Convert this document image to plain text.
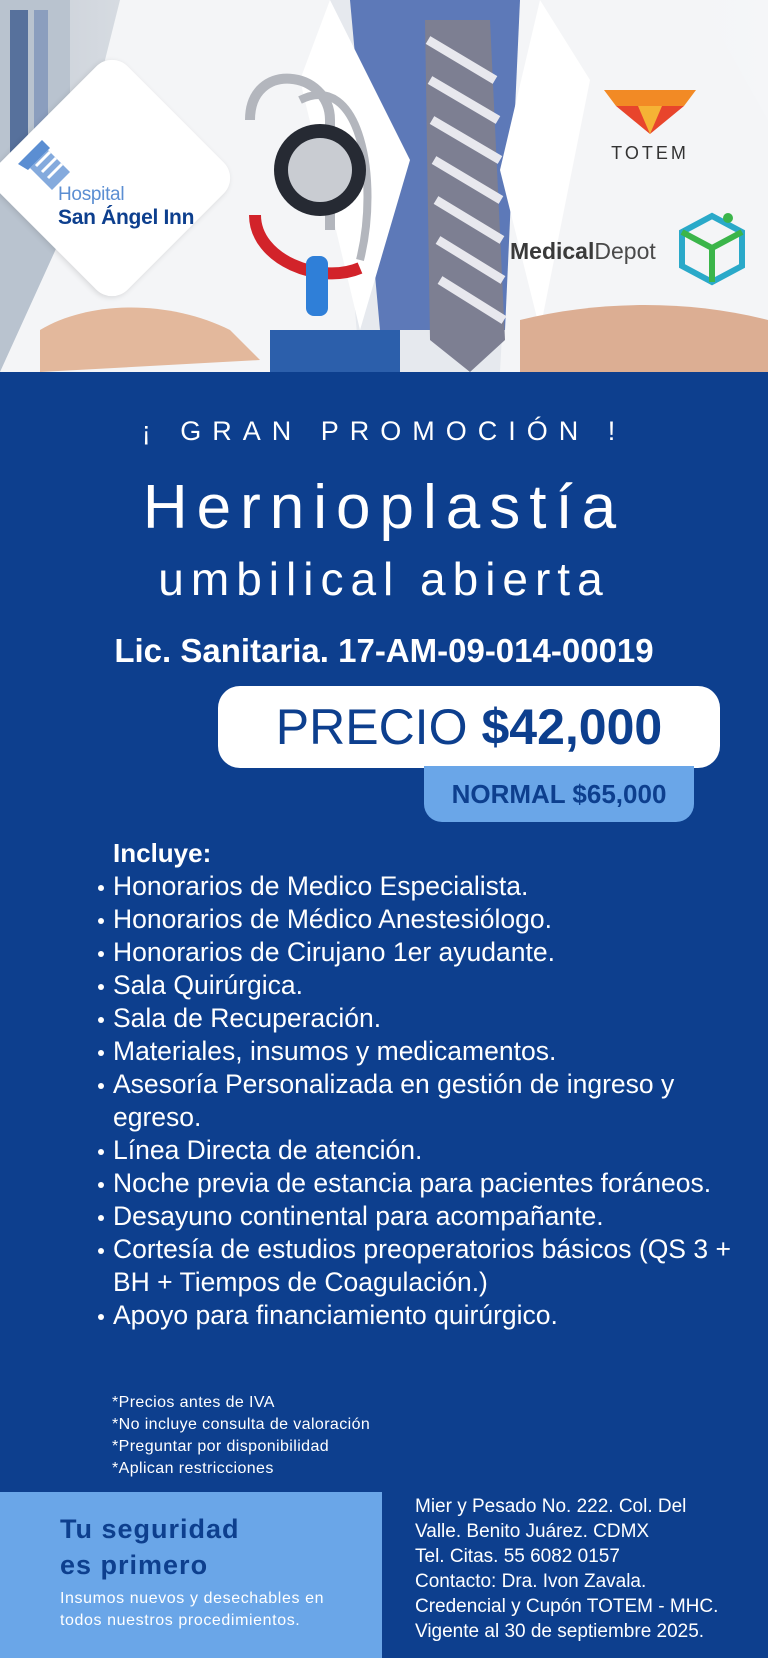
Hospital
San Ángel Inn
TOTEM
MedicalDepot
¡ GRAN PROMOCIÓN !
Hernioplastía
umbilical abierta
Lic. Sanitaria. 17-AM-09-014-00019
PRECIO $42,000
NORMAL $65,000
Incluye:
Honorarios de Medico Especialista.
Honorarios de Médico Anestesiólogo.
Honorarios de Cirujano 1er ayudante.
Sala Quirúrgica.
Sala de Recuperación.
Materiales, insumos y medicamentos.
Asesoría Personalizada en gestión de ingreso y egreso.
Línea Directa de atención.
Noche previa de estancia para pacientes foráneos.
Desayuno continental para acompañante.
Cortesía de estudios preoperatorios básicos (QS 3 + BH + Tiempos de Coagulación.)
Apoyo para financiamiento quirúrgico.
*Precios antes de IVA
*No incluye consulta de valoración
*Preguntar por disponibilidad
*Aplican restricciones
Tu seguridad
es primero
Insumos nuevos y desechables en todos nuestros procedimientos.
Mier y Pesado No. 222. Col. Del
Valle. Benito Juárez. CDMX
Tel. Citas. 55 6082 0157
Contacto: Dra. Ivon Zavala.
Credencial y Cupón TOTEM - MHC.
Vigente al 30 de septiembre 2025.
